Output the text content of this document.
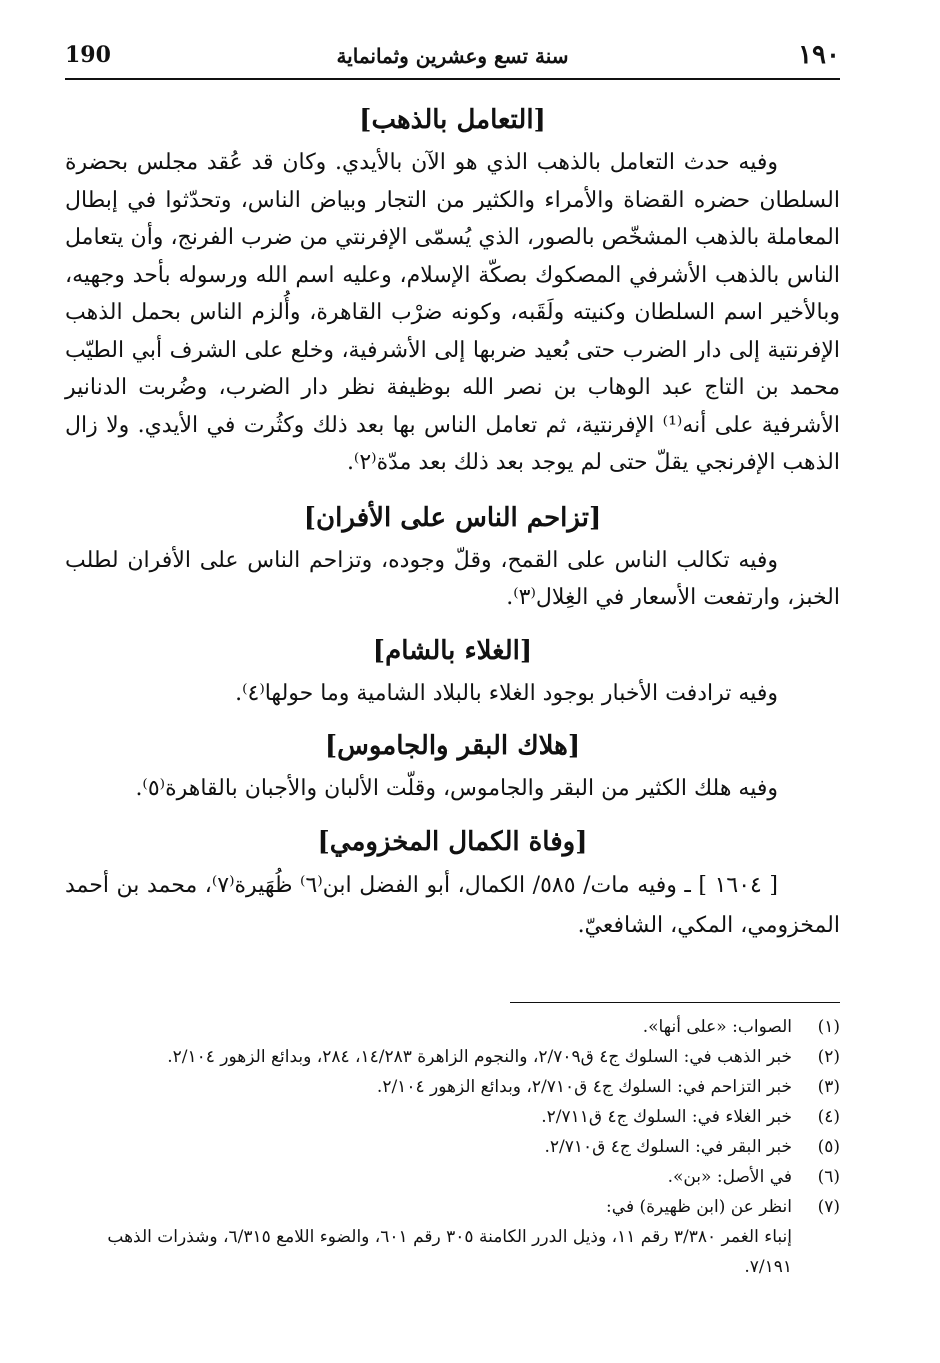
190	سنة تسع وعشرين وثمانماية	١٩٠
[التعامل بالذهب]

وفيه حدث التعامل بالذهب الذي هو الآن بالأيدي. وكان قد عُقد مجلس بحضرة السلطان حضره القضاة والأمراء والكثير من التجار وبياض الناس، وتحدّثوا في إبطال المعاملة بالذهب المشخّص بالصور، الذي يُسمّى الإفرنتي من ضرب الفرنج، وأن يتعامل الناس بالذهب الأشرفي المصكوك بصكّة الإسلام، وعليه اسم الله ورسوله بأحد وجهيه، وبالأخير اسم السلطان وكنيته ولَقَبه، وكونه ضرْب القاهرة، وأُلزم الناس بحمل الذهب الإفرنتية إلى دار الضرب حتى بُعيد ضربها إلى الأشرفية، وخلع على الشرف أبي الطيّب محمد بن التاج عبد الوهاب بن نصر الله بوظيفة نظر دار الضرب، وضُربت الدنانير الأشرفية على أنه⁽¹⁾ الإفرنتية، ثم تعامل الناس بها بعد ذلك وكثُرت في الأيدي. ولا زال الذهب الإفرنجي يقلّ حتى لم يوجد بعد ذلك بعد مدّة⁽٢⁾.

[تزاحم الناس على الأفران]

وفيه تكالب الناس على القمح، وقلّ وجوده، وتزاحم الناس على الأفران لطلب الخبز، وارتفعت الأسعار في الغِلال⁽٣⁾.

[الغلاء بالشام]

وفيه ترادفت الأخبار بوجود الغلاء بالبلاد الشامية وما حولها⁽٤⁾.

[هلاك البقر والجاموس]

وفيه هلك الكثير من البقر والجاموس، وقلّت الألبان والأجبان بالقاهرة⁽٥⁾.

[وفاة الكمال المخزومي]

[ ١٦٠٤ ] ـ وفيه مات/ ٥٨٥/ الكمال، أبو الفضل ابن⁽٦⁾ ظُهَيرة⁽٧⁾، محمد بن أحمد المخزومي، المكي، الشافعيّ.

(١)
الصواب: «على أنها».

(٢)
خبر الذهب في: السلوك ج٤ ق٢/٧٠٩، والنجوم الزاهرة ١٤/٢٨٣، ٢٨٤، وبدائع الزهور ٢/١٠٤.

(٣)
خبر التزاحم في: السلوك ج٤ ق٢/٧١٠، وبدائع الزهور ٢/١٠٤.

(٤)
خبر الغلاء في: السلوك ج٤ ق٢/٧١١.

(٥)
خبر البقر في: السلوك ج٤ ق٢/٧١٠.

(٦)
في الأصل: «بن».

(٧)
انظر عن (ابن ظهيرة) في:

إنباء الغمر ٣/٣٨٠ رقم ١١، وذيل الدرر الكامنة ٣٠٥ رقم ٦٠١، والضوء اللامع ٦/٣١٥، وشذرات الذهب ٧/١٩١.
